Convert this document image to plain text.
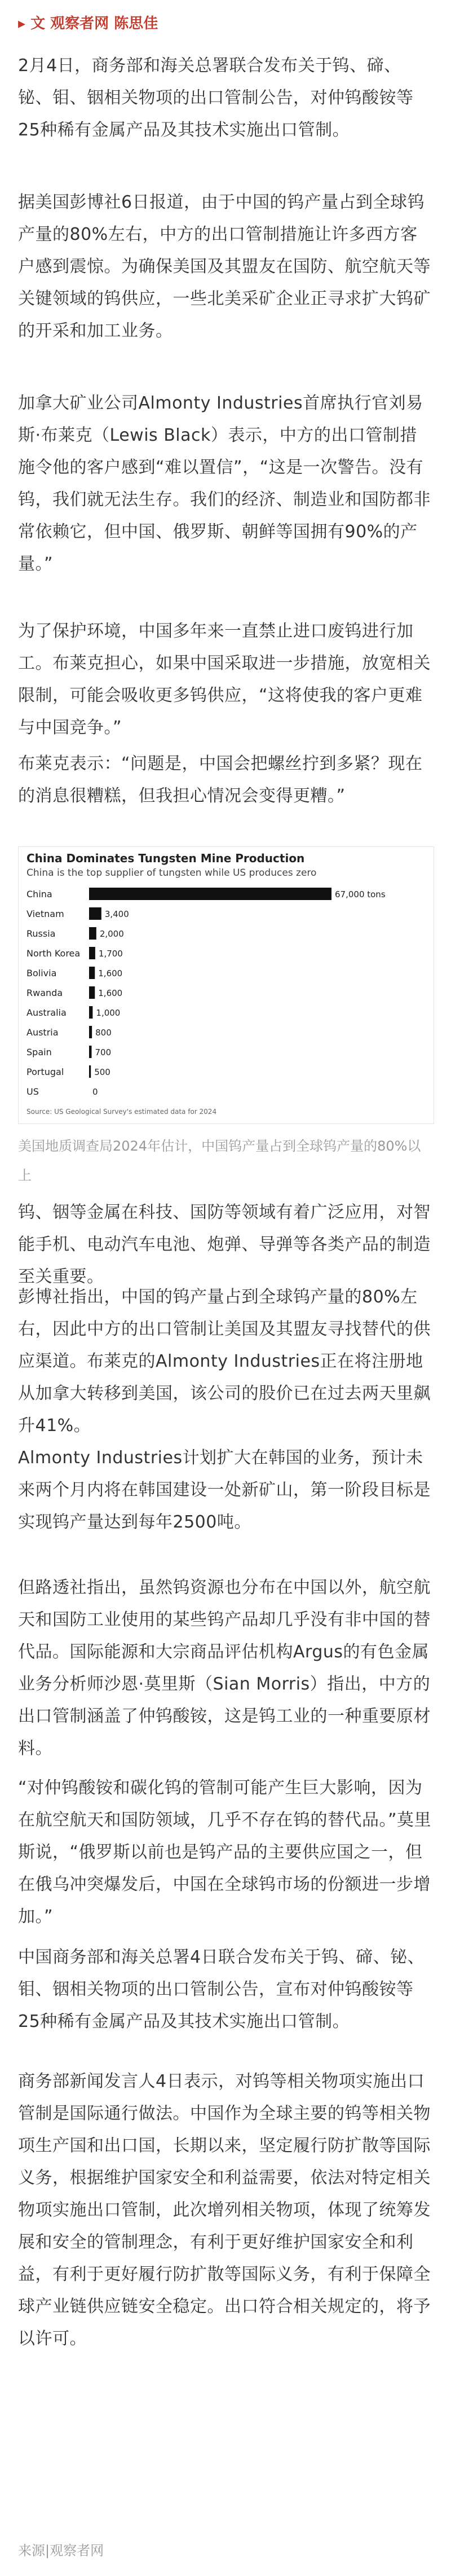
▸ 文 观察者网 陈思佳

2月4日，商务部和海关总署联合发布关于钨、碲、铋、钼、铟相关物项的出口管制公告，对仲钨酸铵等25种稀有金属产品及其技术实施出口管制。

据美国彭博社6日报道，由于中国的钨产量占到全球钨产量的80%左右，中方的出口管制措施让许多西方客户感到震惊。为确保美国及其盟友在国防、航空航天等关键领域的钨供应，一些北美采矿企业正寻求扩大钨矿的开采和加工业务。

加拿大矿业公司Almonty Industries首席执行官刘易斯·布莱克（Lewis Black）表示，中方的出口管制措施令他的客户感到“难以置信”，“这是一次警告。没有钨，我们就无法生存。我们的经济、制造业和国防都非常依赖它，但中国、俄罗斯、朝鲜等国拥有90%的产量。”

为了保护环境，中国多年来一直禁止进口废钨进行加工。布莱克担心，如果中国采取进一步措施，放宽相关限制，可能会吸收更多钨供应，“这将使我的客户更难与中国竞争。”

布莱克表示：“问题是，中国会把螺丝拧到多紧？现在的消息很糟糕，但我担心情况会变得更糟。”

China Dominates Tungsten Mine Production
China is the top supplier of tungsten while US produces zero
China	67,000 tons
Vietnam	3,400
Russia	2,000
North Korea 1,700
Bolivia	1,600
Rwanda	1,600
Australia	1,000
Austria	800
Spain	700
Portugal	500
US	0
Source: US Geological Survey's estimated data for 2024

美国地质调查局2024年估计，中国钨产量占到全球钨产量的80%以上

钨、铟等金属在科技、国防等领域有着广泛应用，对智能手机、电动汽车电池、炮弹、导弹等各类产品的制造至关重要。

彭博社指出，中国的钨产量占到全球钨产量的80%左右，因此中方的出口管制让美国及其盟友寻找替代的供应渠道。布莱克的Almonty Industries正在将注册地从加拿大转移到美国，该公司的股价已在过去两天里飙升41%。

Almonty Industries计划扩大在韩国的业务，预计未来两个月内将在韩国建设一处新矿山，第一阶段目标是实现钨产量达到每年2500吨。

但路透社指出，虽然钨资源也分布在中国以外，航空航天和国防工业使用的某些钨产品却几乎没有非中国的替代品。国际能源和大宗商品评估机构Argus的有色金属业务分析师沙恩·莫里斯（Sian Morris）指出，中方的出口管制涵盖了仲钨酸铵，这是钨工业的一种重要原材料。

“对仲钨酸铵和碳化钨的管制可能产生巨大影响，因为在航空航天和国防领域，几乎不存在钨的替代品。”莫里斯说，“俄罗斯以前也是钨产品的主要供应国之一，但在俄乌冲突爆发后，中国在全球钨市场的份额进一步增加。”

中国商务部和海关总署4日联合发布关于钨、碲、铋、钼、铟相关物项的出口管制公告，宣布对仲钨酸铵等25种稀有金属产品及其技术实施出口管制。

商务部新闻发言人4日表示，对钨等相关物项实施出口管制是国际通行做法。中国作为全球主要的钨等相关物项生产国和出口国，长期以来，坚定履行防扩散等国际义务，根据维护国家安全和利益需要，依法对特定相关物项实施出口管制，此次增列相关物项，体现了统筹发展和安全的管制理念，有利于更好维护国家安全和利益，有利于更好履行防扩散等国际义务，有利于保障全球产业链供应链安全稳定。出口符合相关规定的，将予以许可。

来源|观察者网
